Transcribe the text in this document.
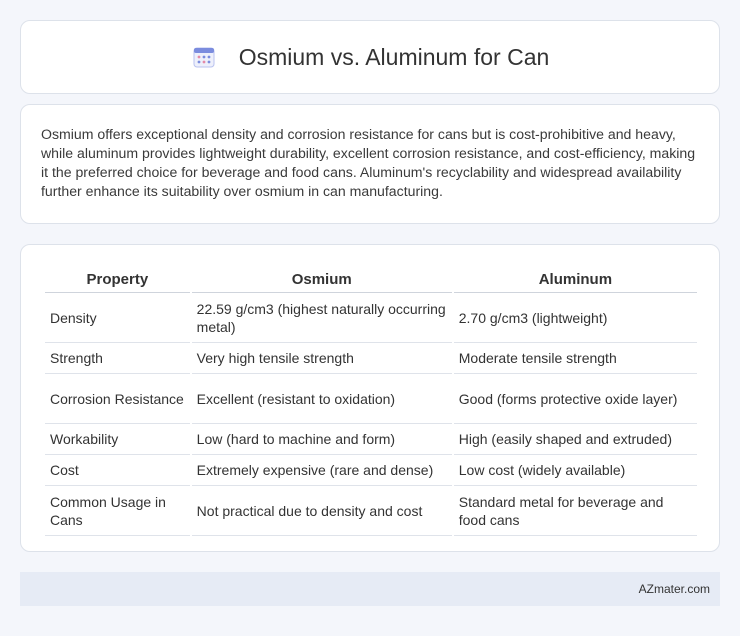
Osmium vs. Aluminum for Can

Osmium offers exceptional density and corrosion resistance for cans but is cost-prohibitive and heavy, while aluminum provides lightweight durability, excellent corrosion resistance, and cost-efficiency, making it the preferred choice for beverage and food cans. Aluminum's recyclability and widespread availability further enhance its suitability over osmium in can manufacturing.

Property	Osmium	Aluminum
Density	22.59 g/cm3 (highest naturally occurring metal)	2.70 g/cm3 (lightweight)
Strength	Very high tensile strength	Moderate tensile strength
Corrosion Resistance	Excellent (resistant to oxidation)	Good (forms protective oxide layer)
Workability	Low (hard to machine and form)	High (easily shaped and extruded)
Cost	Extremely expensive (rare and dense)	Low cost (widely available)
Common Usage in Cans	Not practical due to density and cost	Standard metal for beverage and food cans
AZmater.com
